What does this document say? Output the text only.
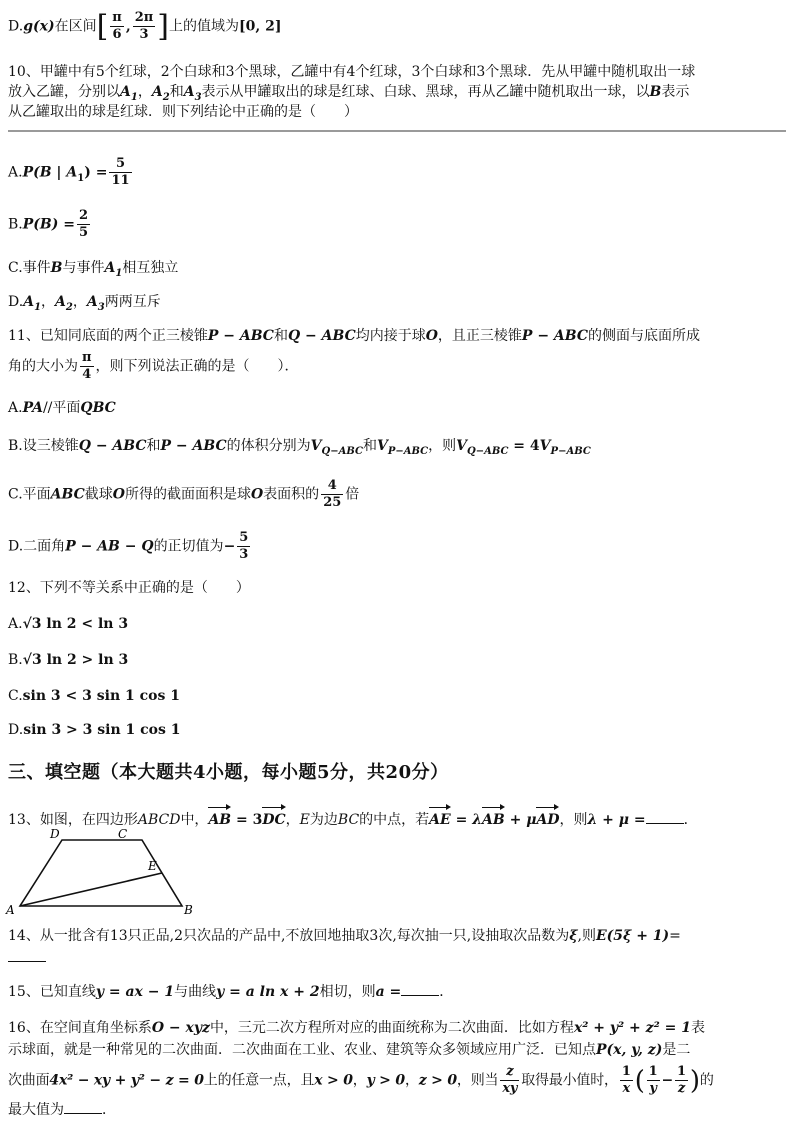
D.g(x)在区间[ $\frac{\pi}{6}$ , $\frac{2\pi}{3}$ ]上的值域为[0, 2]
10、甲罐中有5个红球，2个白球和3个黑球，乙罐中有4个红球，3个白球和3个黑球．先从甲罐中随机取出一球
放入乙罐，分别以$A_1$，$A_2$和$A_3$表示从甲罐取出的球是红球、白球、黑球，再从乙罐中随机取出一球，以B表示
从乙罐取出的球是红球．则下列结论中正确的是（　　）
A.P(B | $A_1) = \frac{5}{11}$
$B.P(B) = \frac{2}{5}$
C.事件B与事件$A_1$相互独立
$D.A_1$，$A_2$，$A_3$两两互斥
11、已知同底面的两个正三棱锥P − ABC和Q − ABC均内接于球O，且正三棱锥P − ABC的侧面与底面所成
角的大小为 $\frac{\pi}{4}$ ，则下列说法正确的是（　　）．
A.PA//平面QBC
B.设三棱锥Q − ABC和P − ABC的体积分别为$V_{Q-ABC}$和$V_{P-ABC}$，则$V_{Q-ABC} = 4V_{P-ABC}$
C.平面ABC截球O所得的截面面积是球O表面积的 $\frac{4}{25}$ 倍
D.二面角P − AB − Q的正切值为− $\frac{5}{3}$
12、下列不等关系中正确的是（　　）
A.√3 ln 2 < ln 3
B.√3 ln 2 > ln 3
C.sin 3 < 3 sin 1 cos 1
D.sin 3 > 3 sin 1 cos 1
三、填空题（本大题共4小题，每小题5分，共20分）
13、如图，在四边形ABCD中，AB = 3DC，E为边BC的中点，若AE = λAB + μAD，则λ + μ =	．
D	C
E
A	B
14、从一批含有13只正品,2只次品的产品中,不放回地抽取3次,每次抽一只,设抽取次品数为ξ,则E(5ξ + 1)=
15、已知直线y = ax − 1与曲线y = a ln x + 2相切，则a =	．
16、在空间直角坐标系O − xyz中，三元二次方程所对应的曲面统称为二次曲面．比如方程x² + y² + z² = 1表
示球面，就是一种常见的二次曲面．二次曲面在工业、农业、建筑等众多领域应用广泛．已知点P(x, y, z)是二
次曲面4x² − xy + y² − z = 0上的任意一点，且x > 0，y > 0，z > 0，则当 $\frac{z}{xy}$ 取得最小值时， $\frac{1}{x}$ ( $\frac{1}{y} - \frac{1}{z}$ )的
最大值为	．
